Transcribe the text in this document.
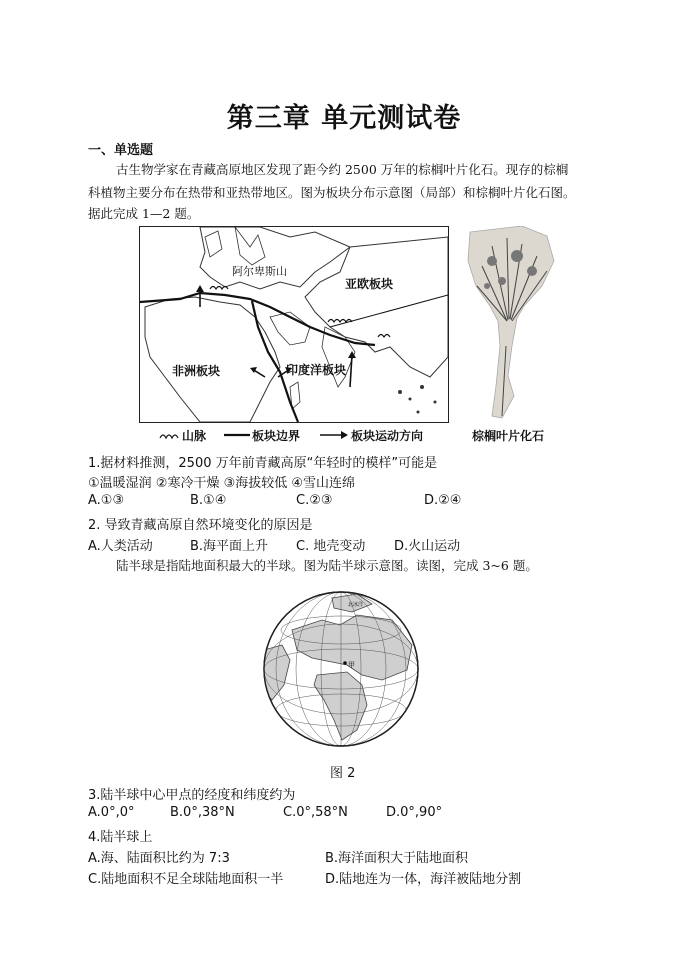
第三章 单元测试卷
一、单选题
古生物学家在青藏高原地区发现了距今约 2500 万年的棕榈叶片化石。现存的棕榈
科植物主要分布在热带和亚热带地区。图为板块分布示意图（局部）和棕榈叶片化石图。
据此完成 1—2 题。
阿尔卑斯山
亚欧板块
非洲板块	印度洋板块
山脉	板块边界	板块运动方向	棕榈叶片化石
1.据材料推测，2500 万年前青藏高原“年轻时的模样”可能是
①温暖湿润 ②寒冷干燥 ③海拔较低 ④雪山连绵
A.①③	B.①④	C.②③	D.②④
2. 导致青藏高原自然环境变化的原因是
A.人类活动	B.海平面上升 C. 地壳变动 D.火山运动
陆半球是指陆地面积最大的半球。图为陆半球示意图。读图，完成 3~6 题。
甲
北冰洋
图 2
3.陆半球中心甲点的经度和纬度约为
A.0°,0°	B.0°,38°N	C.0°,58°N	D.0°,90°
4.陆半球上
A.海、陆面积比约为 7:3	B.海洋面积大于陆地面积
C.陆地面积不足全球陆地面积一半	D.陆地连为一体，海洋被陆地分割
